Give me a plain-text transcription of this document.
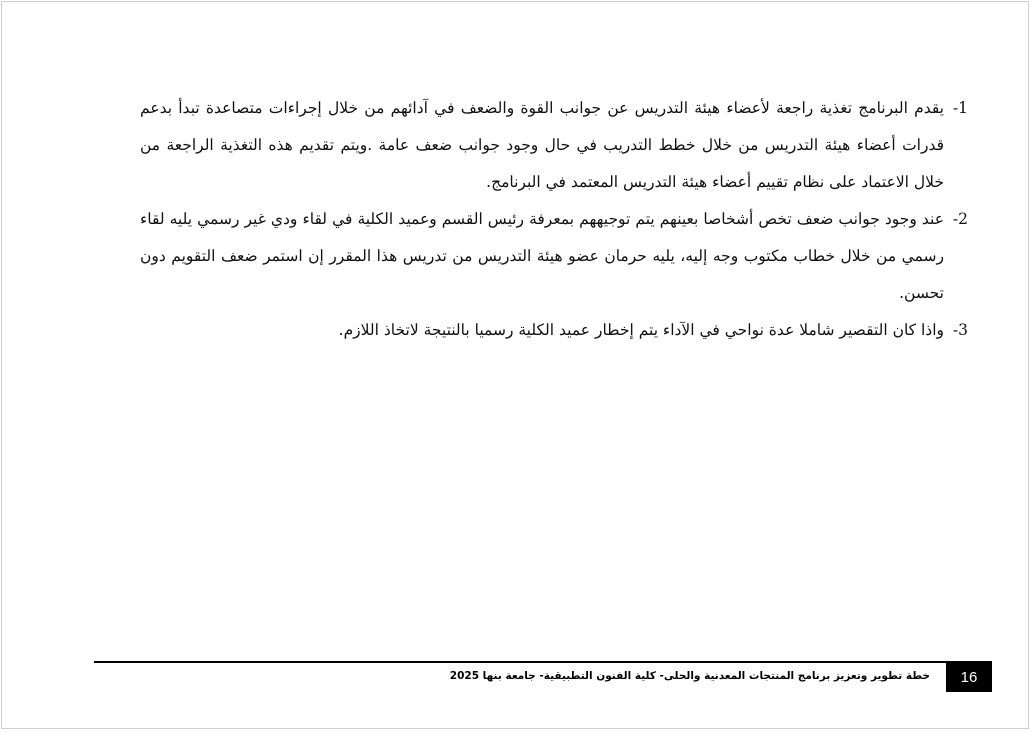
1-
يقدم البرنامج تغذية راجعة لأعضاء هيئة التدريس عن جوانب القوة والضعف في آدائهم من خلال إجراءات متصاعدة تبدأ بدعم قدرات أعضاء هيئة التدريس من خلال خطط التدريب في حال وجود جوانب ضعف عامة .ويتم تقديم هذه التغذية الراجعة من خلال الاعتماد على نظام تقييم أعضاء هيئة التدريس المعتمد في البرنامج.
2-
عند وجود جوانب ضعف تخص أشخاصا بعينهم يتم توجيههم بمعرفة رئيس القسم وعميد الكلية في لقاء ودي غير رسمي يليه لقاء رسمي من خلال خطاب مكتوب وجه إليه، يليه حرمان عضو هيئة التدريس من تدريس هذا المقرر إن استمر ضعف التقويم دون تحسن.
3-
واذا كان التقصير شاملا عدة نواحي في الآداء يتم إخطار عميد الكلية رسميا بالنتيجة لاتخاذ اللازم.
خطة تطوير وتعزيز برنامج المنتجات المعدنية والحلى- كلية الفنون التطبيقية- جامعة بنها 2025	16
